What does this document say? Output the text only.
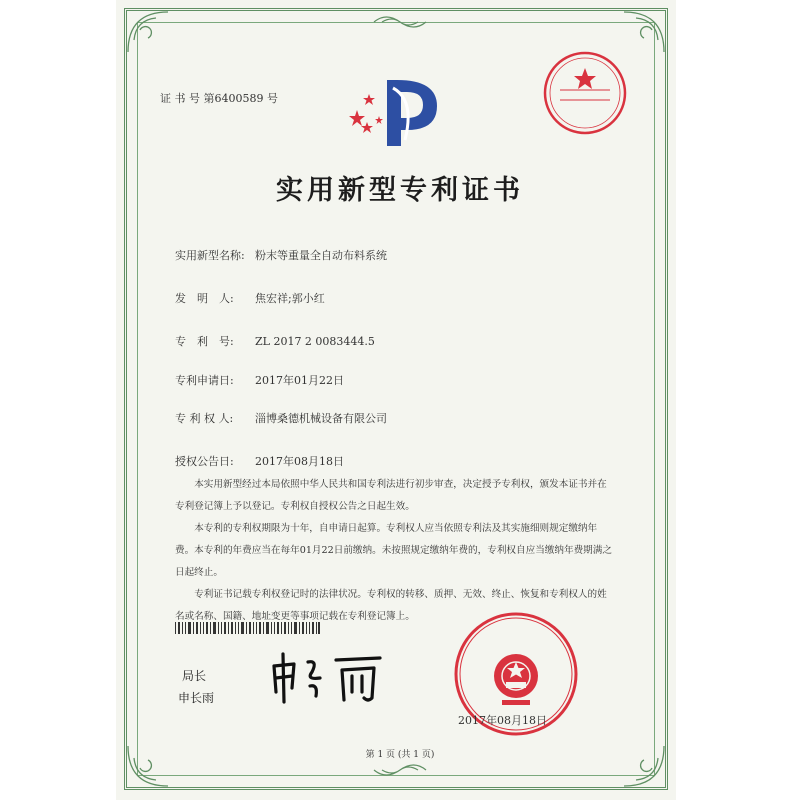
证 书 号 第6400589 号
实用新型专利证书
实用新型名称: 粉末等重量全自动布料系统
发　明　人: 焦宏祥;郭小红
专　利　号: ZL 2017 2 0083444.5
专利申请日: 2017年01月22日
专 利 权 人: 淄博桑德机械设备有限公司
授权公告日: 2017年08月18日

本实用新型经过本局依照中华人民共和国专利法进行初步审查，决定授予专利权，颁发本证书并在专利登记簿上予以登记。专利权自授权公告之日起生效。

本专利的专利权期限为十年，自申请日起算。专利权人应当依照专利法及其实施细则规定缴纳年费。本专利的年费应当在每年01月22日前缴纳。未按照规定缴纳年费的，专利权自应当缴纳年费期满之日起终止。

专利证书记载专利权登记时的法律状况。专利权的转移、质押、无效、终止、恢复和专利权人的姓名或名称、国籍、地址变更等事项记载在专利登记簿上。

局长
申长雨
2017年08月18日
第 1 页 (共 1 页)
